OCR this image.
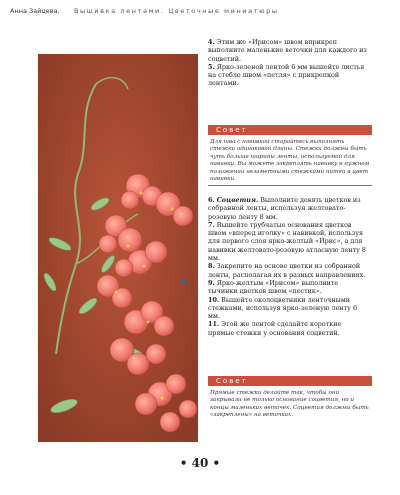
Анна Зайцева. Вышивка лентами. Цветочные миниатюры

4. Этим же «Ирисом» швом вприкреп выполните маленькие веточки для каждого из соцветий.

5. Ярко-зеленой лентой 6 мм вышейте листья на стебле швом «петля» с прикрепкой лентами.

Совет
Для шва с навивкой старайтесь выполнять стежки одинаковой длины. Стежки должны быть чуть больше ширины ленты, используемой для навивки. Вы можете закреплять навивку в нужном положении незаметными стежками нитей в цвет навивки.

6. Соцветия. Выполните девять цветков из собранной ленты, используя желтовато-розовую ленту 8 мм.

7. Вышейте трубчатые основания цветков швом «вперед иголку» с навивкой, используя для первого слоя ярко-желтый «Ирис», а для навивки желтовато-розовую атласную ленту 8 мм.

8. Закрепите на основе цветки из собранной ленты, располагая их в разных направлениях.

9. Ярко-желтым «Ирисом» выполните тычинки цветков швом «пестик».

10. Вышейте околоцветники ленточными стежками, используя ярко-зеленую ленту 6 мм.

11. Этой же лентой сделайте короткие прямые стежки у основания соцветий.

Совет
Прямые стежки делайте так, чтобы они закрывали не только основание соцветия, но и концы маленьких веточек. Соцветия должны быть «закреплены» на веточках.
• 40 •
